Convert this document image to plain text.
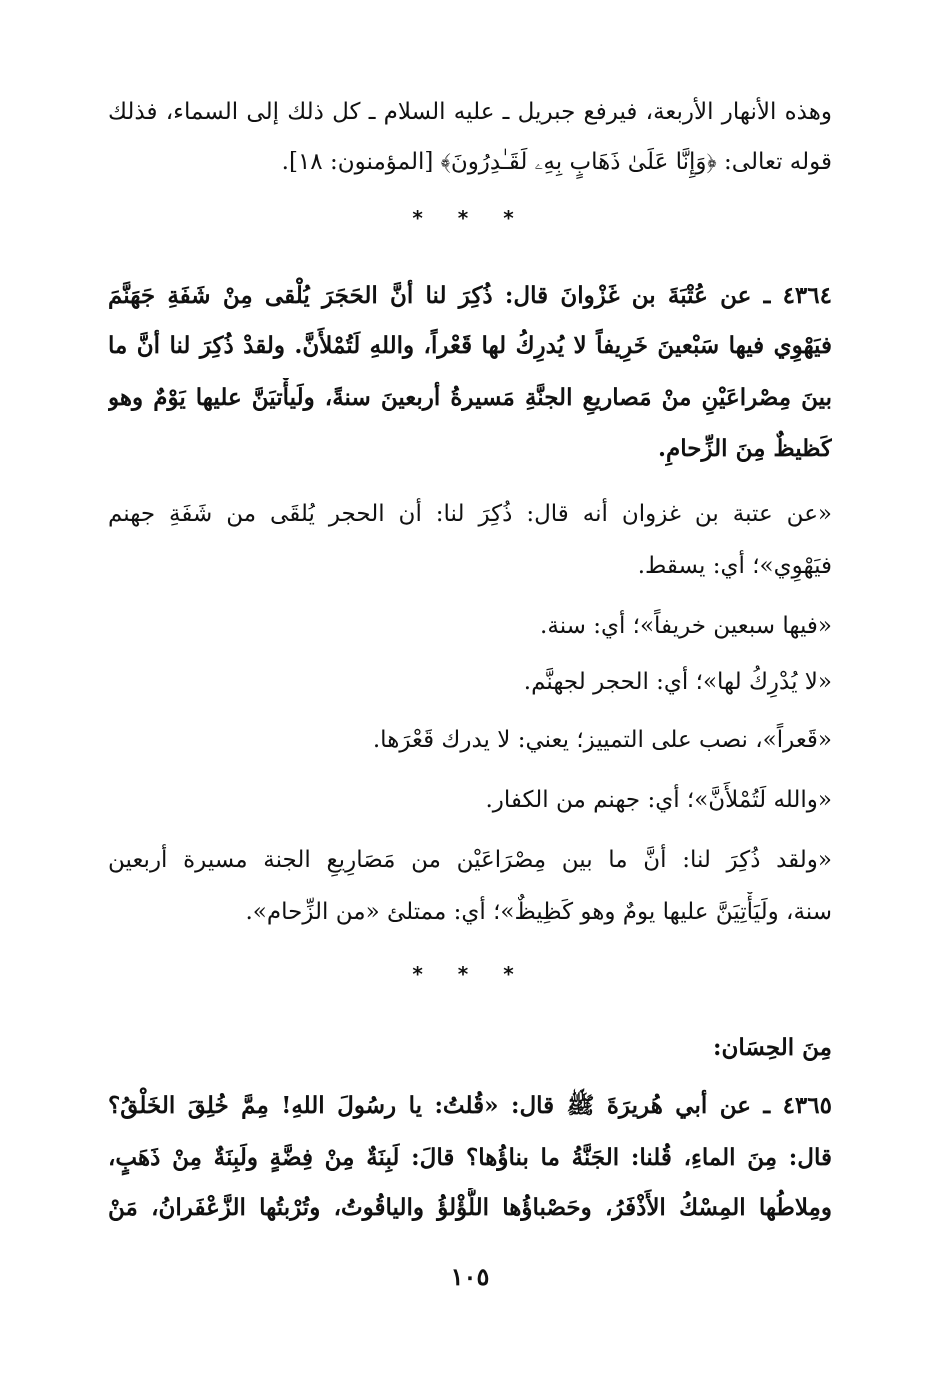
وهذه الأنهار الأربعة، فيرفع جبريل ـ عليه السلام ـ كل ذلك إلى السماء، فذلك
قوله تعالى: ﴿وَإِنَّا عَلَىٰ ذَهَابٍ بِهِۦ لَقَـٰدِرُونَ﴾ [المؤمنون: ١٨].
* * *
٤٣٦٤ ـ عن عُتْبَةَ بن غَزْوانَ قال: ذُكِرَ لنا أنَّ الحَجَرَ يُلْقى مِنْ شَفَةِ جَهَنَّمَ
فيَهْوِي فيها سَبْعينَ خَرِيفاً لا يُدرِكُ لها قَعْراً، واللهِ لَتُمْلأَنَّ. ولقدْ ذُكِرَ لنا أنَّ ما
بينَ مِصْراعَيْنِ منْ مَصاريعِ الجنَّةِ مَسيرةُ أربعينَ سنةً، ولَيأْتيَنَّ عليها يَوْمٌ وهو
كَظيظٌ مِنَ الزِّحامِ.
«عن عتبة بن غزوان أنه قال: ذُكِرَ لنا: أن الحجر يُلقَى من شَفَةِ جهنم
فيَهْوِي»؛ أي: يسقط.
«فيها سبعين خريفاً»؛ أي: سنة.
«لا يُدْرِكُ لها»؛ أي: الحجر لجهنَّم.
«قَعراً»، نصب على التمييز؛ يعني: لا يدرك قَعْرَها.
«والله لَتُمْلأَنَّ»؛ أي: جهنم من الكفار.
«ولقد ذُكِرَ لنا: أنَّ ما بين مِصْرَاعَيْن من مَصَارِيعِ الجنة مسيرة أربعين
سنة، ولَيَأْتِيَنَّ عليها يومٌ وهو كَظِيظٌ»؛ أي: ممتلئ «من الزِّحام».
* * *
مِنَ الحِسَان:
٤٣٦٥ ـ عن أبي هُريرَةَ ﷺ قال: «قُلتُ: يا رسُولَ اللهِ! مِمَّ خُلِقَ الخَلْقُ؟
قال: مِنَ الماءِ، قُلنا: الجَنَّةُ ما بناؤُها؟ قالَ: لَبِنَةٌ مِنْ فِضَّةٍ ولَبِنَةٌ مِنْ ذَهَبٍ،
ومِلاطُها المِسْكُ الأَذْفَرُ، وحَصْباؤُها اللُّؤْلؤُ والياقُوتُ، وتُرْبتُها الزَّعْفَرانُ، مَنْ
١٠٥
